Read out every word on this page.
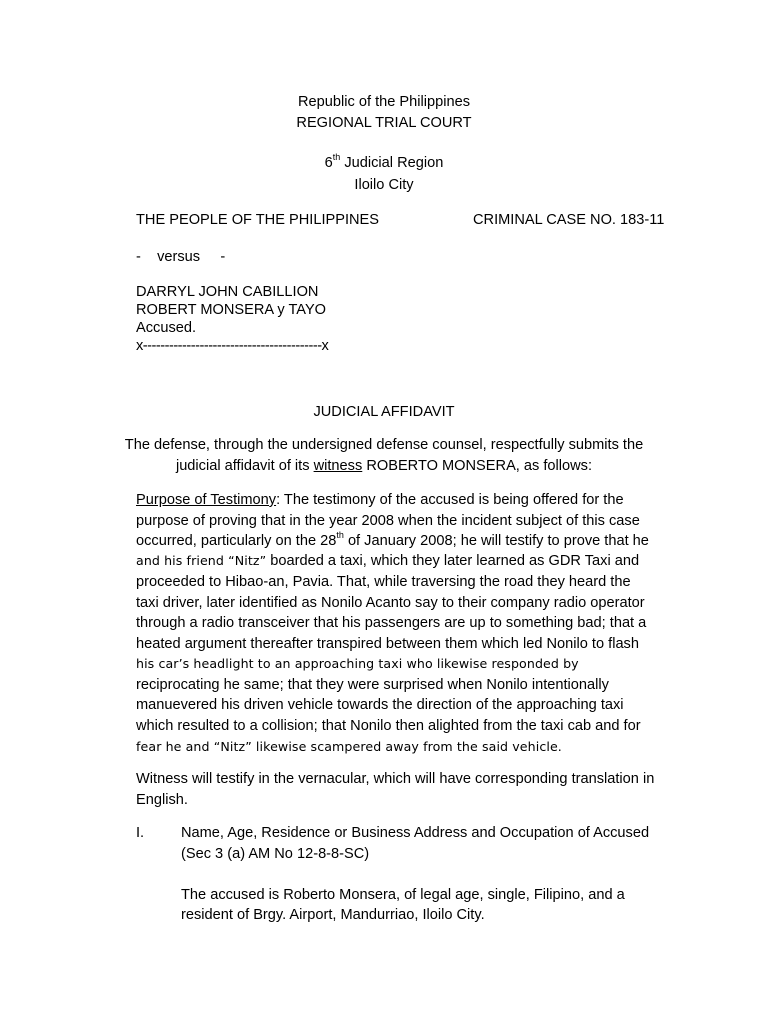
Republic of the Philippines
REGIONAL TRIAL COURT
6th Judicial Region
Iloilo City
THE PEOPLE OF THE PHILIPPINES	CRIMINAL CASE NO. 183-11
-    versus     -
DARRYL JOHN CABILLION
ROBERT MONSERA y TAYO
Accused.
x-----------------------------------------x
JUDICIAL AFFIDAVIT
The defense, through the undersigned defense counsel, respectfully submits the
judicial affidavit of its witness ROBERTO MONSERA, as follows:
Purpose of Testimony: The testimony of the accused is being offered for the
purpose of proving that in the year 2008 when the incident subject of this case
occurred, particularly on the 28th of January 2008; he will testify to prove that he
and his friend “Nitz” boarded a taxi, which they later learned as GDR Taxi and
proceeded to Hibao-an, Pavia. That, while traversing the road they heard the
taxi driver, later identified as Nonilo Acanto say to their company radio operator
through a radio transceiver that his passengers are up to something bad; that a
heated argument thereafter transpired between them which led Nonilo to flash
his car’s headlight to an approaching taxi who likewise responded by
reciprocating he same; that they were surprised when Nonilo intentionally
manuevered his driven vehicle towards the direction of the approaching taxi
which resulted to a collision; that Nonilo then alighted from the taxi cab and for
fear he and “Nitz” likewise scampered away from the said vehicle.
Witness will testify in the vernacular, which will have corresponding translation in
English.
I.	Name, Age, Residence or Business Address and Occupation of Accused
(Sec 3 (a) AM No 12-8-8-SC)
The accused is Roberto Monsera, of legal age, single, Filipino, and a
resident of Brgy. Airport, Mandurriao, Iloilo City.
